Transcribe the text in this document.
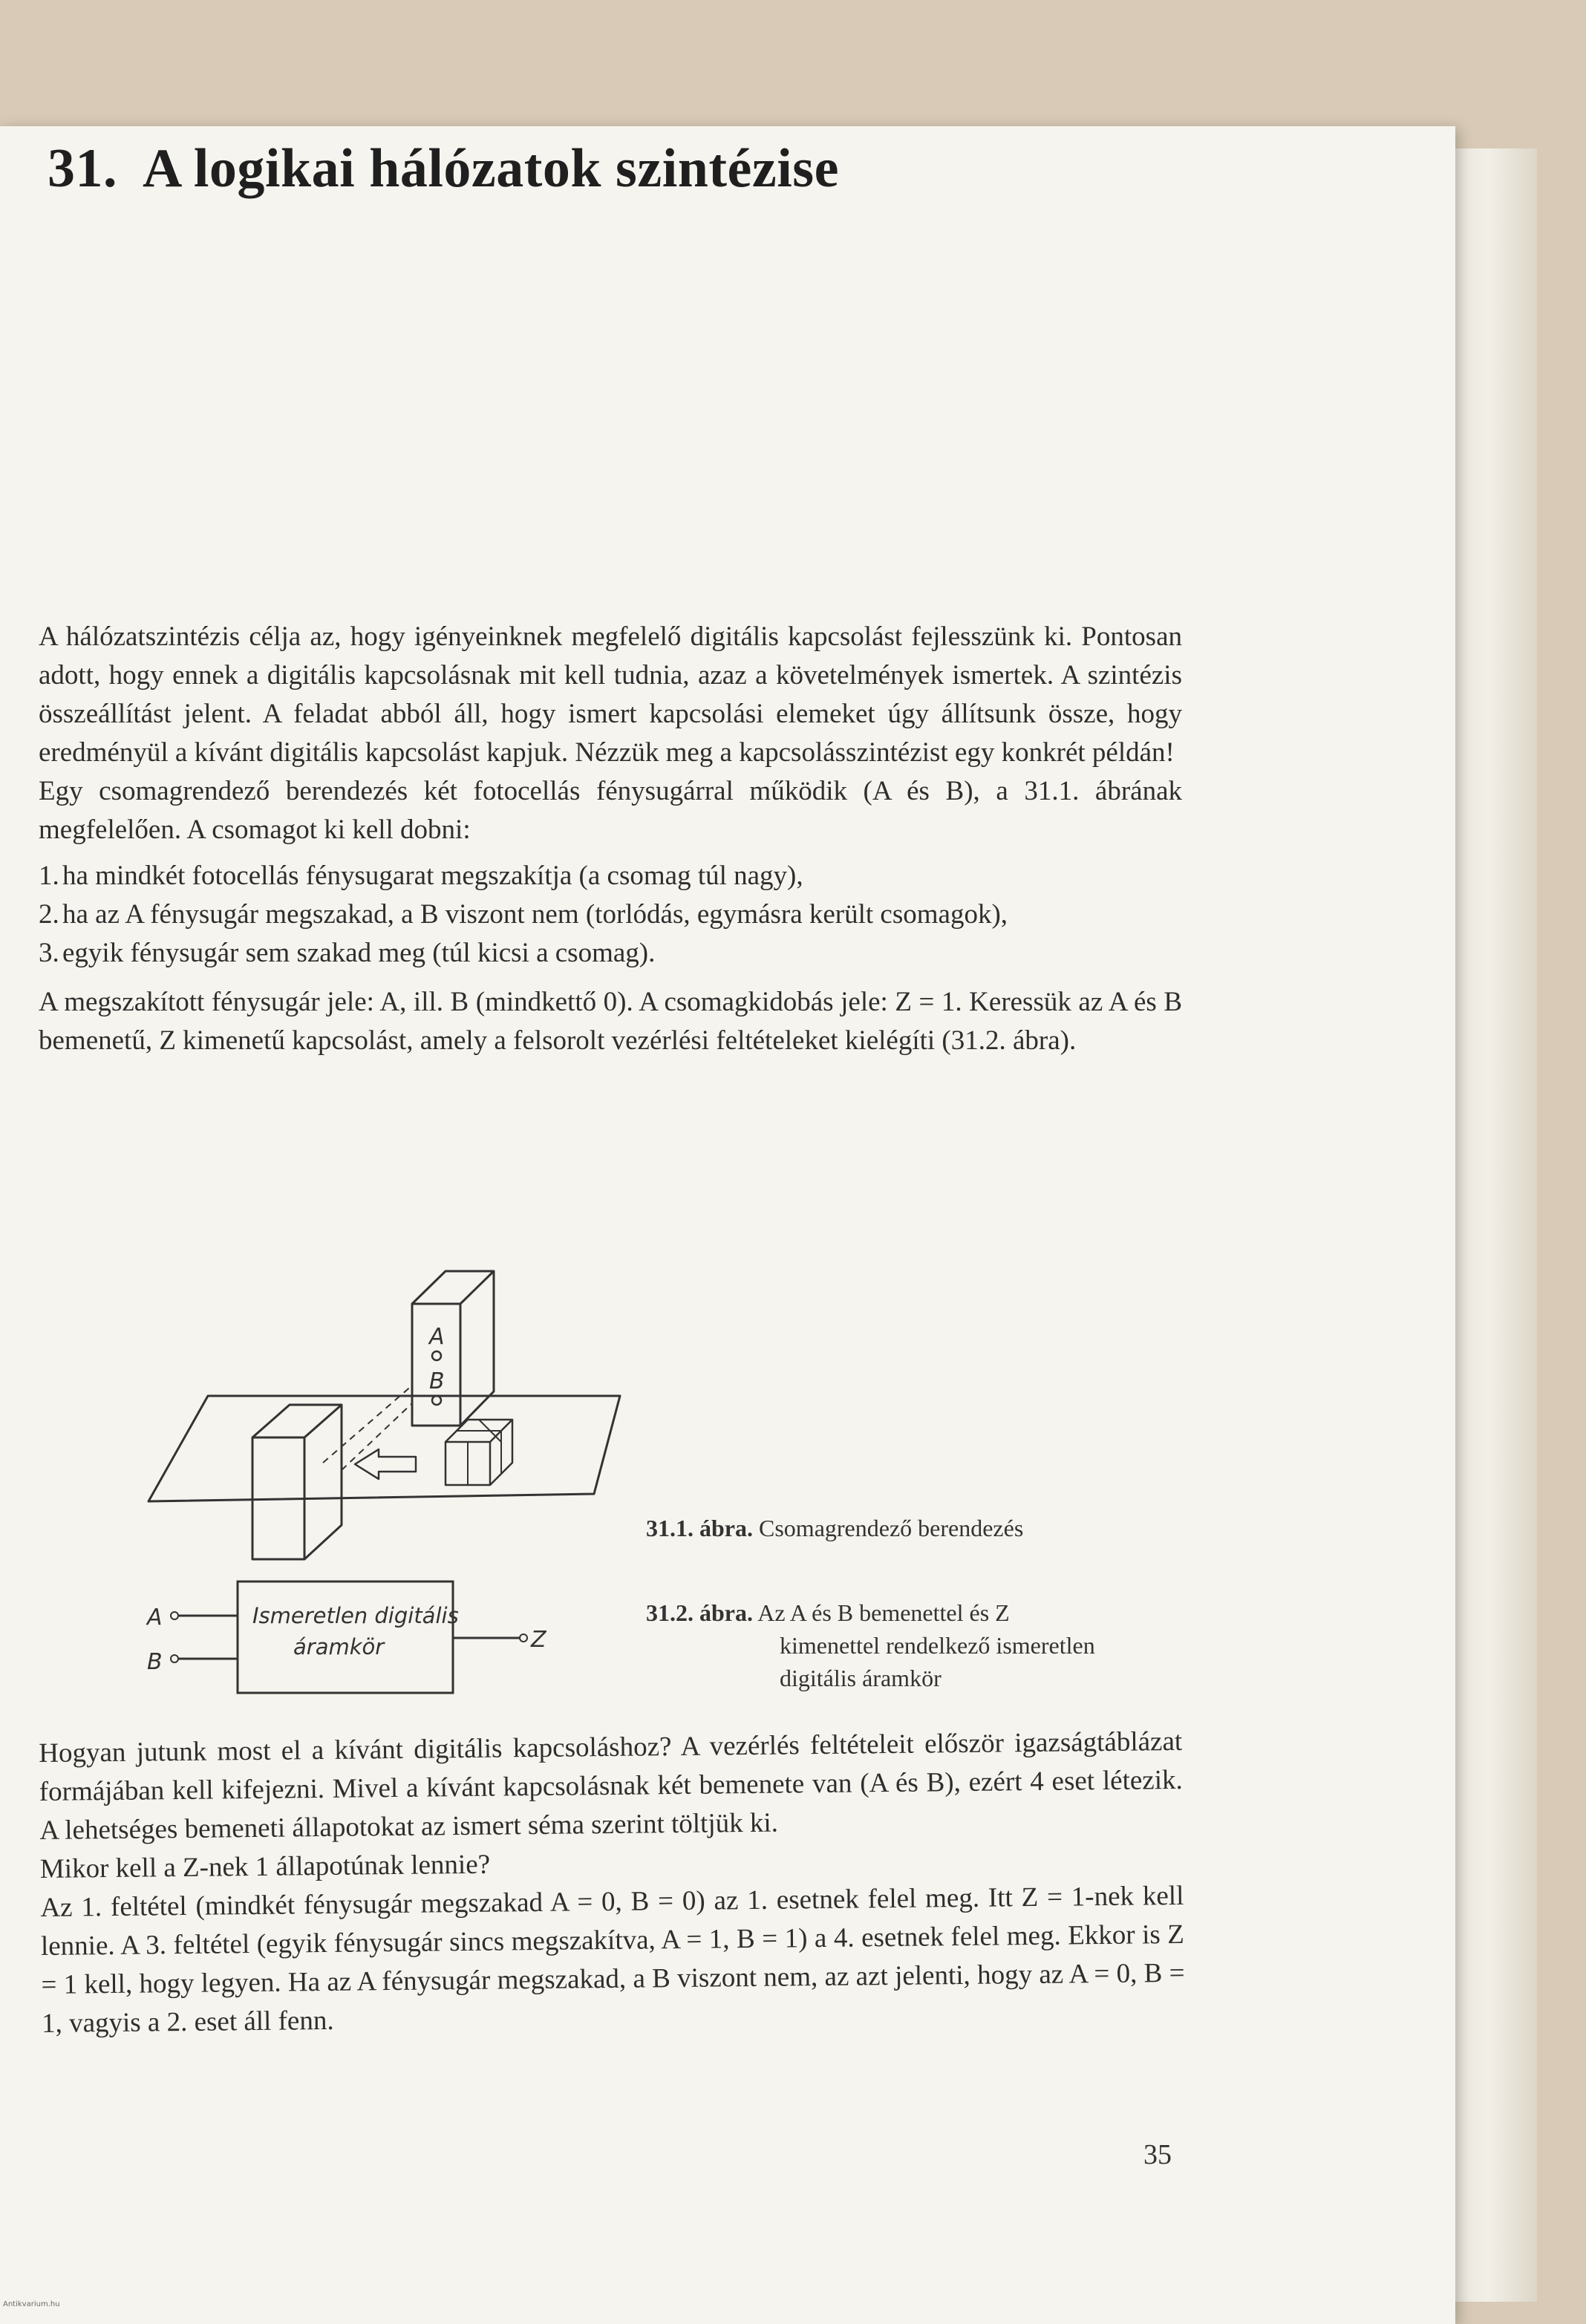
31. A logikai hálózatok szintézise

A hálózatszintézis célja az, hogy igényeinknek megfelelő digitális kapcsolást fejlesszünk ki. Pontosan adott, hogy ennek a digitális kapcsolásnak mit kell tudnia, azaz a követelmények ismertek. A szintézis összeállítást jelent. A feladat abból áll, hogy ismert kapcsolási elemeket úgy állítsunk össze, hogy eredményül a kívánt digitális kapcsolást kapjuk. Nézzük meg a kapcsolásszintézist egy konkrét példán!

Egy csomagrendező berendezés két fotocellás fénysugárral működik (A és B), a 31.1. ábrának megfelelően. A csomagot ki kell dobni:

1. ha mindkét fotocellás fénysugarat megszakítja (a csomag túl nagy),
2. ha az A fénysugár megszakad, a B viszont nem (torlódás, egymásra került csomagok),
3. egyik fénysugár sem szakad meg (túl kicsi a csomag).

A megszakított fénysugár jele: A, ill. B (mindkettő 0). A csomagkidobás jele: Z = 1. Keressük az A és B bemenetű, Z kimenetű kapcsolást, amely a felsorolt vezérlési feltételeket kielégíti (31.2. ábra).

A
B
31.1. ábra. Csomagrendező berendezés
A
B
Z
Ismeretlen digitális
áramkör
31.2. ábra. Az A és B bemenettel és Z
kimenettel rendelkező ismeretlen
digitális áramkör

Hogyan jutunk most el a kívánt digitális kapcsoláshoz? A vezérlés feltételeit először igazságtáblázat formájában kell kifejezni. Mivel a kívánt kapcsolásnak két bemenete van (A és B), ezért 4 eset létezik. A lehetséges bemeneti állapotokat az ismert séma szerint töltjük ki.

Mikor kell a Z-nek 1 állapotúnak lennie?

Az 1. feltétel (mindkét fénysugár megszakad A = 0, B = 0) az 1. esetnek felel meg. Itt Z = 1-nek kell lennie. A 3. feltétel (egyik fénysugár sincs megszakítva, A = 1, B = 1) a 4. esetnek felel meg. Ekkor is Z = 1 kell, hogy legyen. Ha az A fénysugár megszakad, a B viszont nem, az azt jelenti, hogy az A = 0, B = 1, vagyis a 2. eset áll fenn.

35
Antikvarium.hu
